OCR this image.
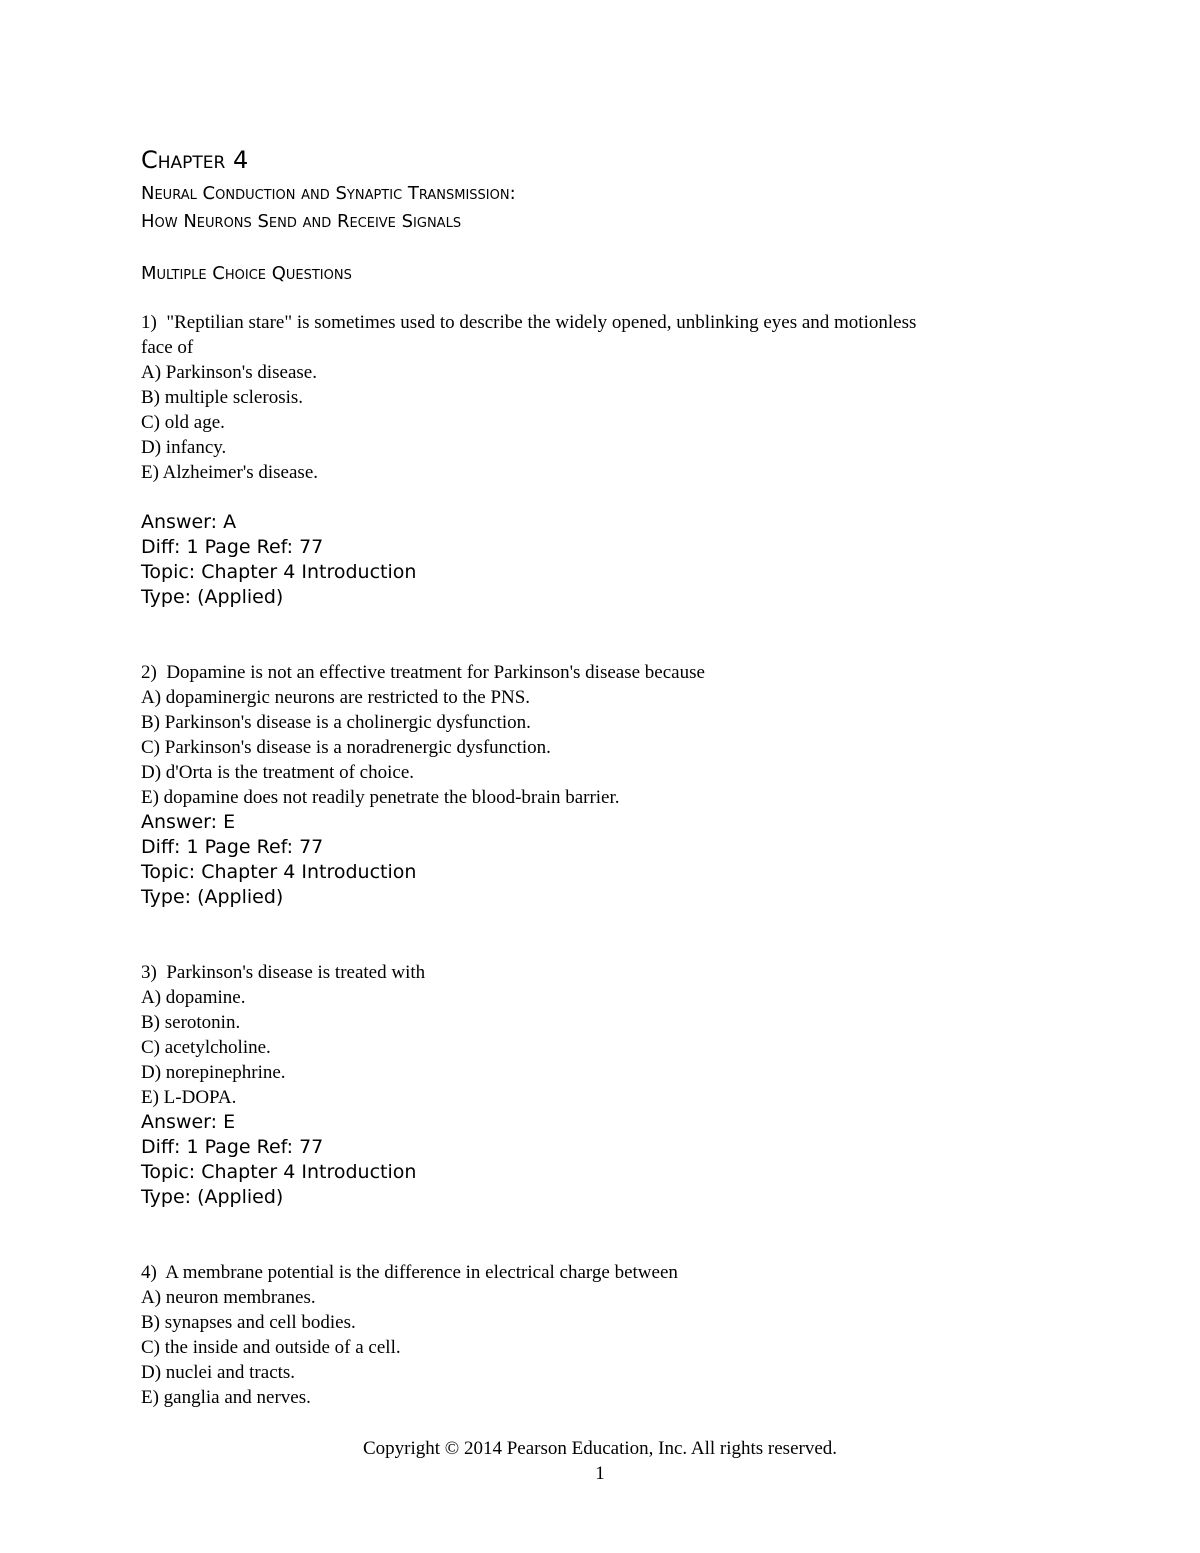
Chapter 4
Neural Conduction and Synaptic Transmission:
How Neurons Send and Receive Signals
Multiple Choice Questions
1)  "Reptilian stare" is sometimes used to describe the widely opened, unblinking eyes and motionless
face of
A) Parkinson's disease.
B) multiple sclerosis.
C) old age.
D) infancy.
E) Alzheimer's disease.
Answer: A
Diff: 1 Page Ref: 77
Topic: Chapter 4 Introduction
Type: (Applied)
2)  Dopamine is not an effective treatment for Parkinson's disease because
A) dopaminergic neurons are restricted to the PNS.
B) Parkinson's disease is a cholinergic dysfunction.
C) Parkinson's disease is a noradrenergic dysfunction.
D) d'Orta is the treatment of choice.
E) dopamine does not readily penetrate the blood-brain barrier.
Answer: E
Diff: 1 Page Ref: 77
Topic: Chapter 4 Introduction
Type: (Applied)
3)  Parkinson's disease is treated with
A) dopamine.
B) serotonin.
C) acetylcholine.
D) norepinephrine.
E) L-DOPA.
Answer: E
Diff: 1 Page Ref: 77
Topic: Chapter 4 Introduction
Type: (Applied)
4)  A membrane potential is the difference in electrical charge between
A) neuron membranes.
B) synapses and cell bodies.
C) the inside and outside of a cell.
D) nuclei and tracts.
E) ganglia and nerves.
Copyright © 2014 Pearson Education, Inc. All rights reserved.
1
